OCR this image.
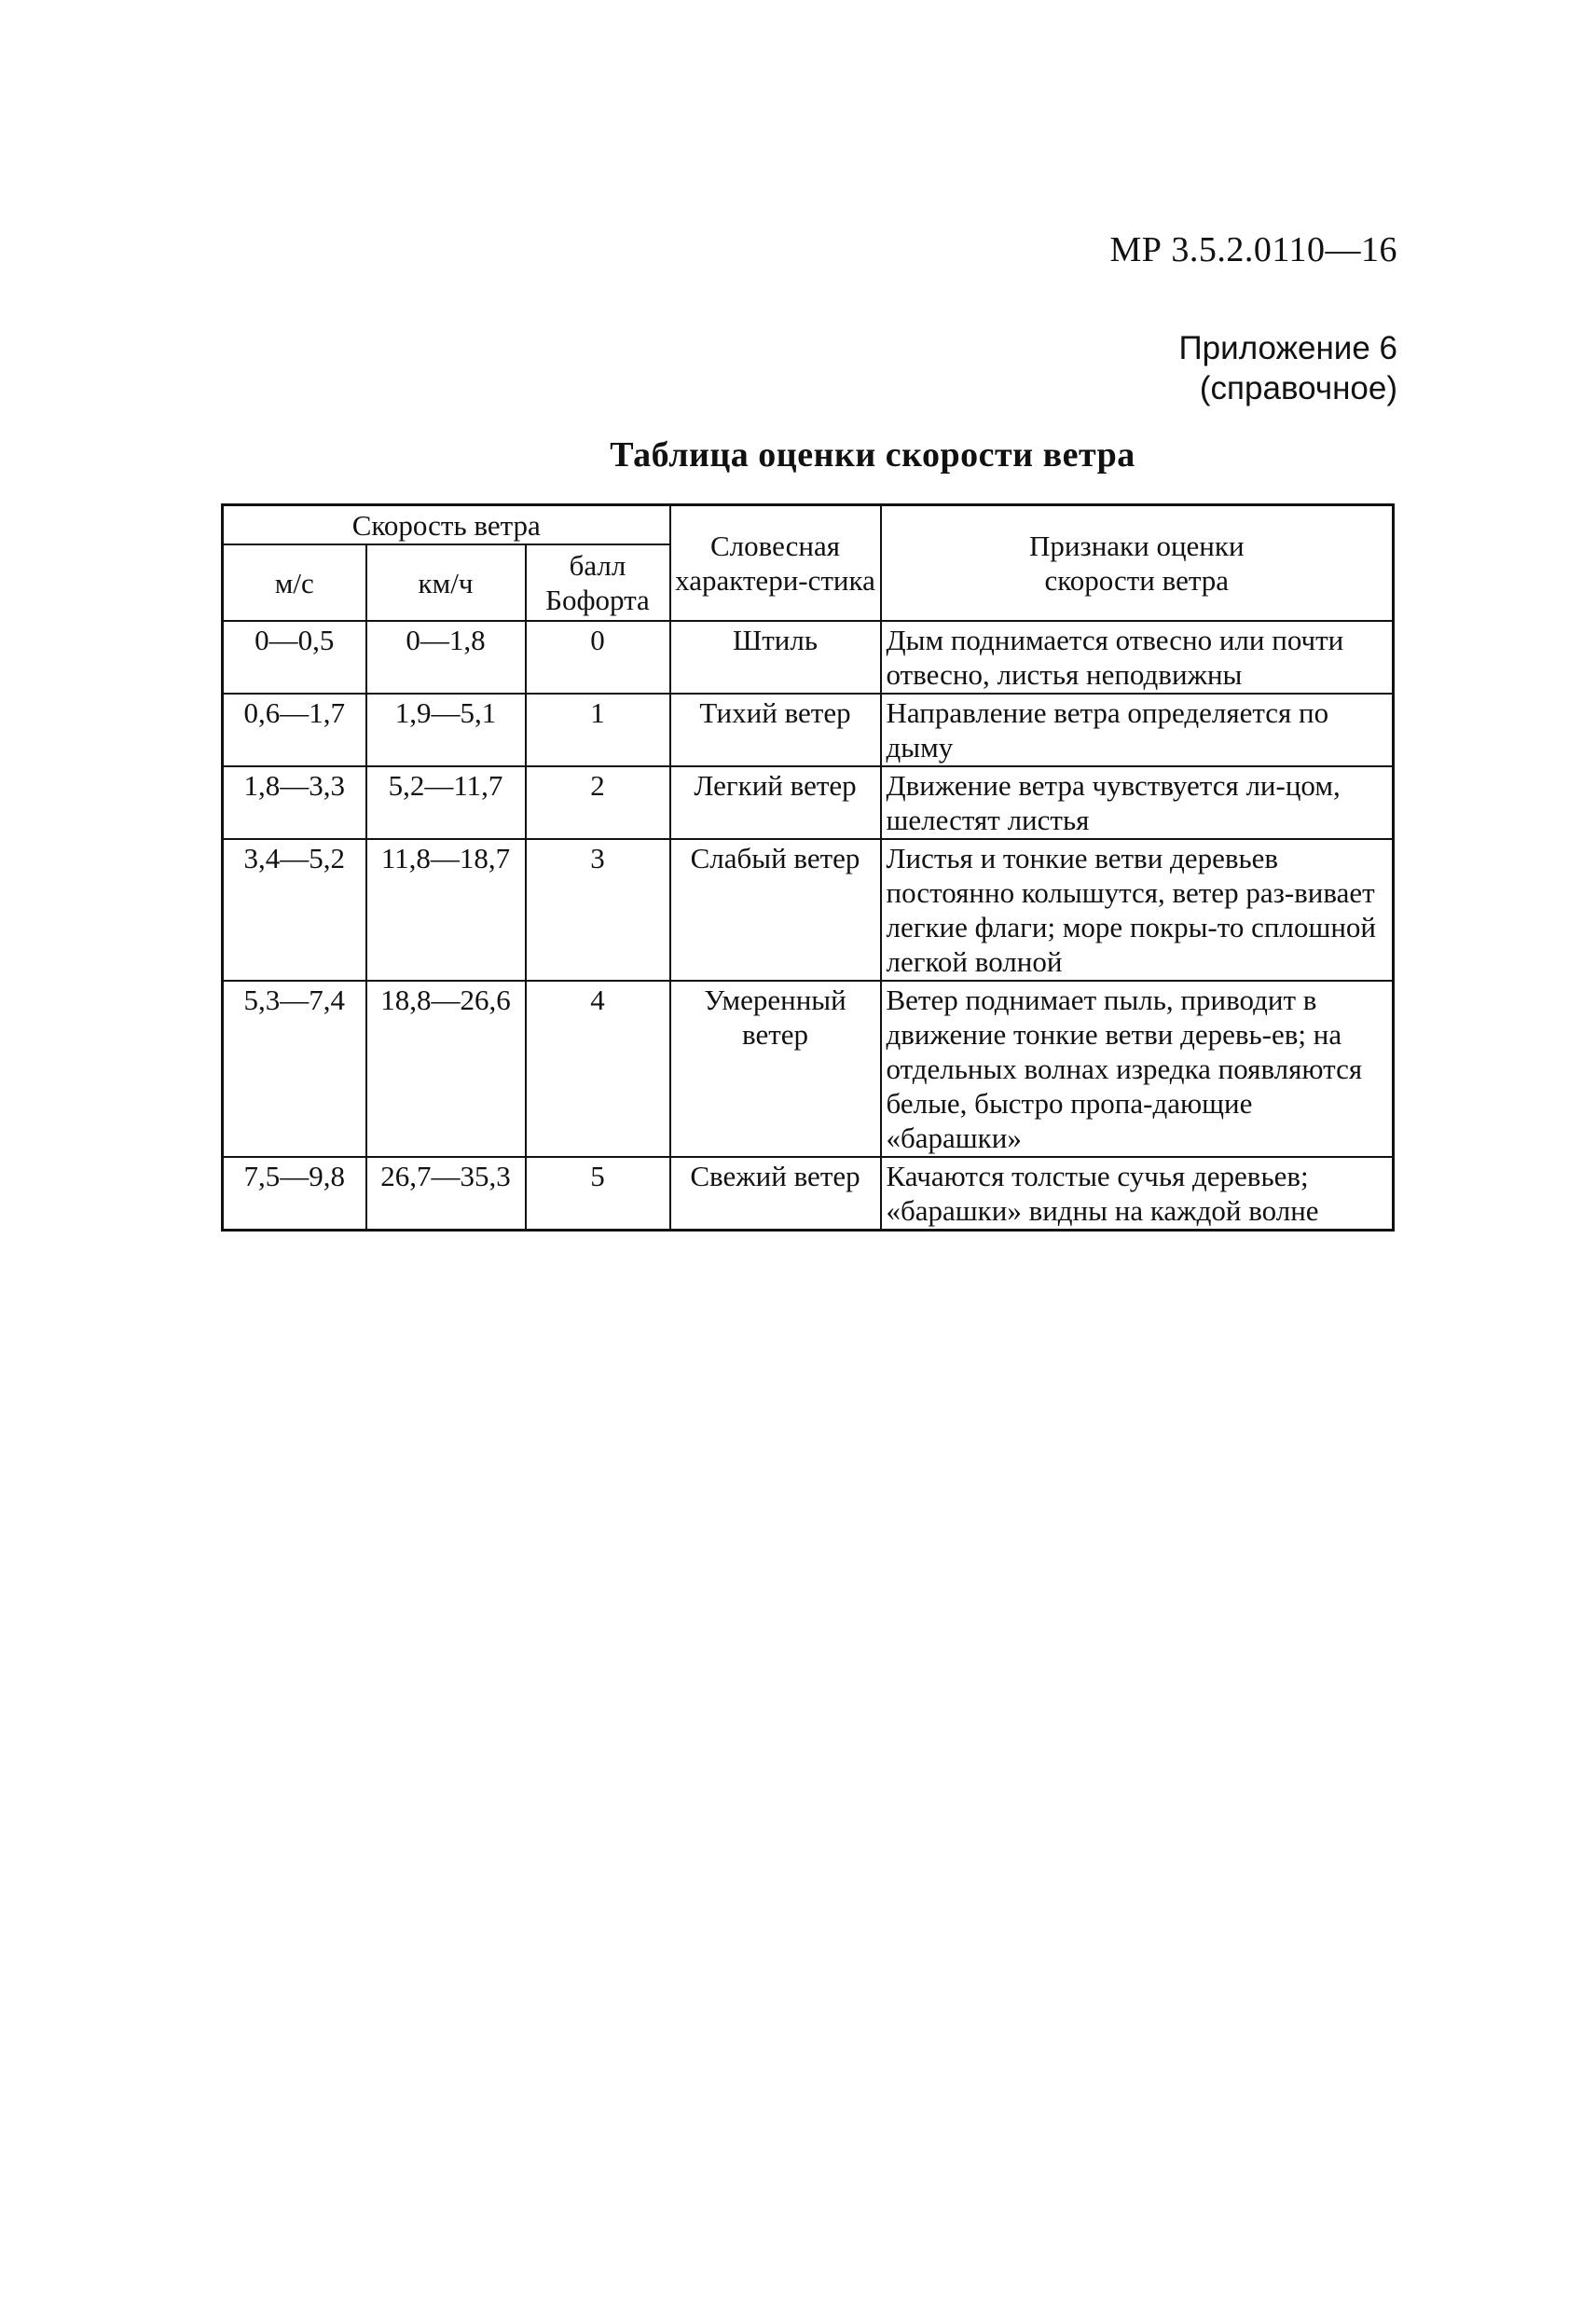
МР 3.5.2.0110—16
Приложение 6
(справочное)
Таблица оценки скорости ветра
Скорость ветра			Словесная характери-стика	Признаки оценки скорости ветра
м/с	км/ч	балл Бофорта		
0—0,5	0—1,8	0	Штиль	Дым поднимается отвесно или почти отвесно, листья неподвижны
0,6—1,7	1,9—5,1	1	Тихий ветер	Направление ветра определяется по дыму
1,8—3,3	5,2—11,7	2	Легкий ветер	Движение ветра чувствуется ли-цом, шелестят листья
3,4—5,2	11,8—18,7	3	Слабый ветер	Листья и тонкие ветви деревьев постоянно колышутся, ветер раз-вивает легкие флаги; море покры-то сплошной легкой волной
5,3—7,4	18,8—26,6	4	Умеренный ветер	Ветер поднимает пыль, приводит в движение тонкие ветви деревь-ев; на отдельных волнах изредка появляются белые, быстро пропа-дающие «барашки»
7,5—9,8	26,7—35,3	5	Свежий ветер	Качаются толстые сучья деревьев; «барашки» видны на каждой волне
